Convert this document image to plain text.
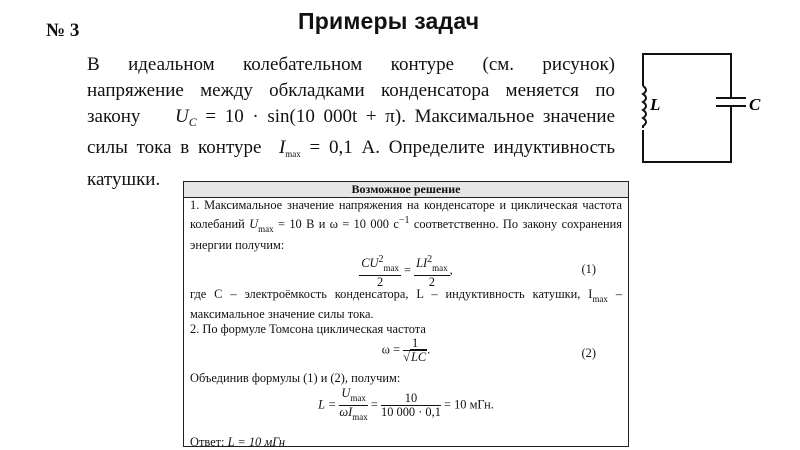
№ 3	Примеры задач
В идеальном колебательном контуре (см. рисунок)
напряжение между обкладками конденсатора меняется по
закону $U_C = 10 \cdot \sin(10$ 000t + π). Максимальное значение
силы тока в контуре $I_{max} = 0,1$ А. Определите индуктивность
катушки.
L	C
Возможное решение
1. Максимальное значение напряжения на конденсаторе и циклическая частота колебаний $U_{max} = 10$ В и ω = 10 000 $с^{-1}$ соответственно. По закону сохранения энергии получим:
$\frac{CU^2_{max}}{2} = \frac{LI^2_{max}}{2}$ ,	(1)
где C – электроёмкость конденсатора, L – индуктивность катушки, $I_{max}$ – максимальное значение силы тока.
2. По формуле Томсона циклическая частота
$\omega = \frac{1}{√LC}$ .	(2)
Объединив формулы (1) и (2), получим:
$L = \frac{U_{max}}{\omega I_{max}} = \frac{10}{10 000 \cdot 0,1} = 10$ мГн.
Ответ: L = 10 мГн
